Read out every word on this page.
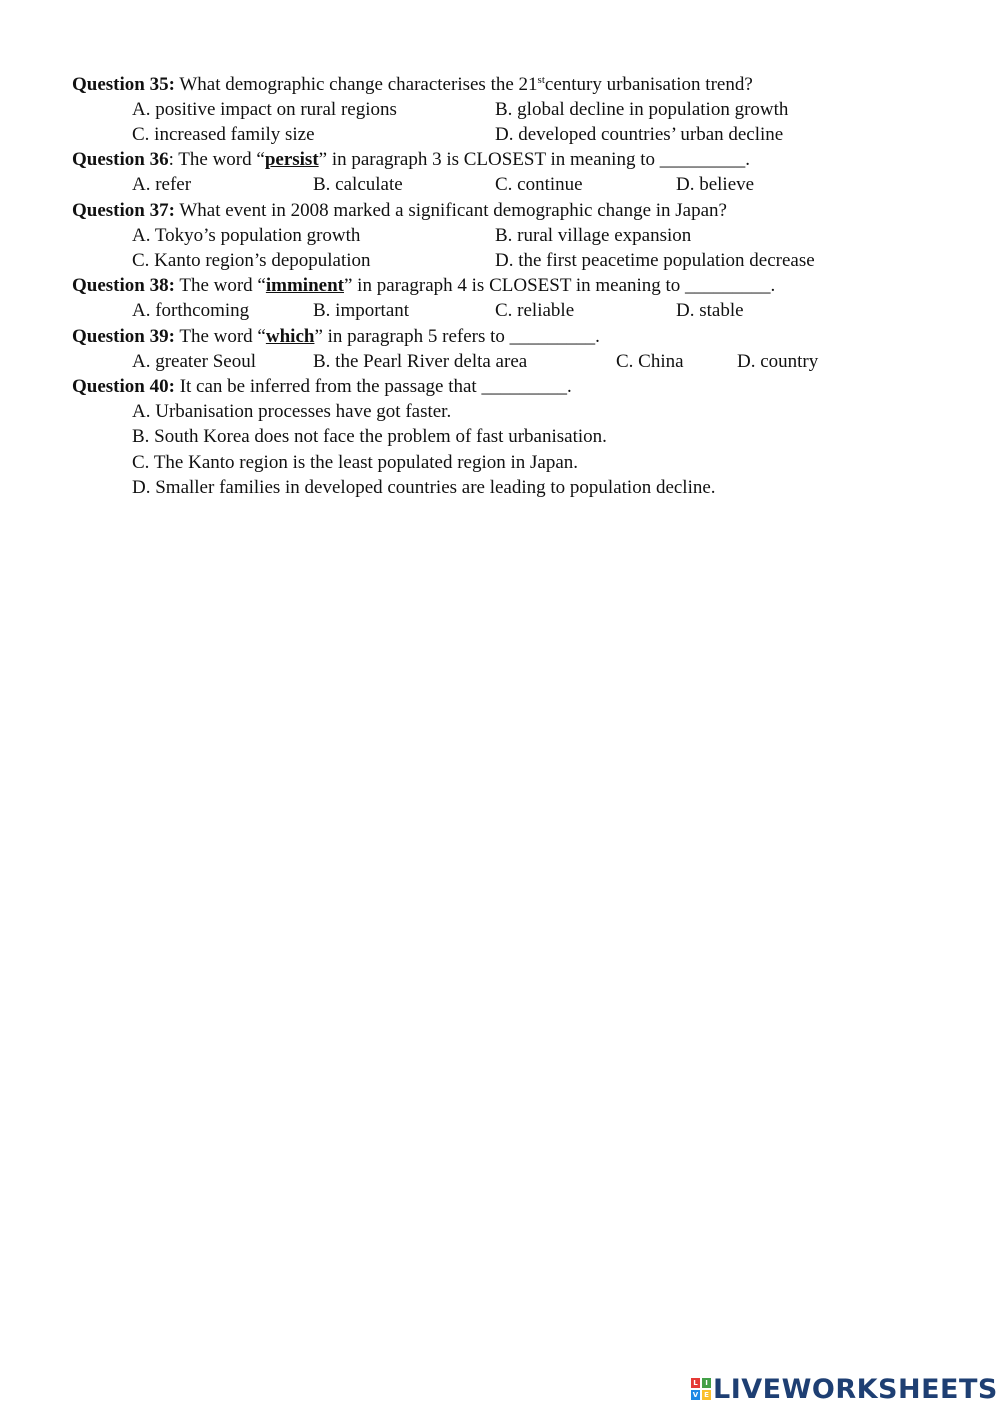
Question 35: What demographic change characterises the 21stcentury urbanisation trend?
A. positive impact on rural regions	B. global decline in population growth
C. increased family size	D. developed countries’ urban decline
Question 36: The word “persist” in paragraph 3 is CLOSEST in meaning to _________.
A. refer	B. calculate	C. continue	D. believe
Question 37: What event in 2008 marked a significant demographic change in Japan?
A. Tokyo’s population growth	B. rural village expansion
C. Kanto region’s depopulation	D. the first peacetime population decrease
Question 38: The word “imminent” in paragraph 4 is CLOSEST in meaning to _________.
A. forthcoming	B. important	C. reliable	D. stable
Question 39: The word “which” in paragraph 5 refers to _________.
A. greater Seoul	B. the Pearl River delta area	C. China	D. country
Question 40: It can be inferred from the passage that _________.
A. Urbanisation processes have got faster.
B. South Korea does not face the problem of fast urbanisation.
C. The Kanto region is the least populated region in Japan.
D. Smaller families in developed countries are leading to population decline.
L	I
V E LIVEWORKSHEETS
